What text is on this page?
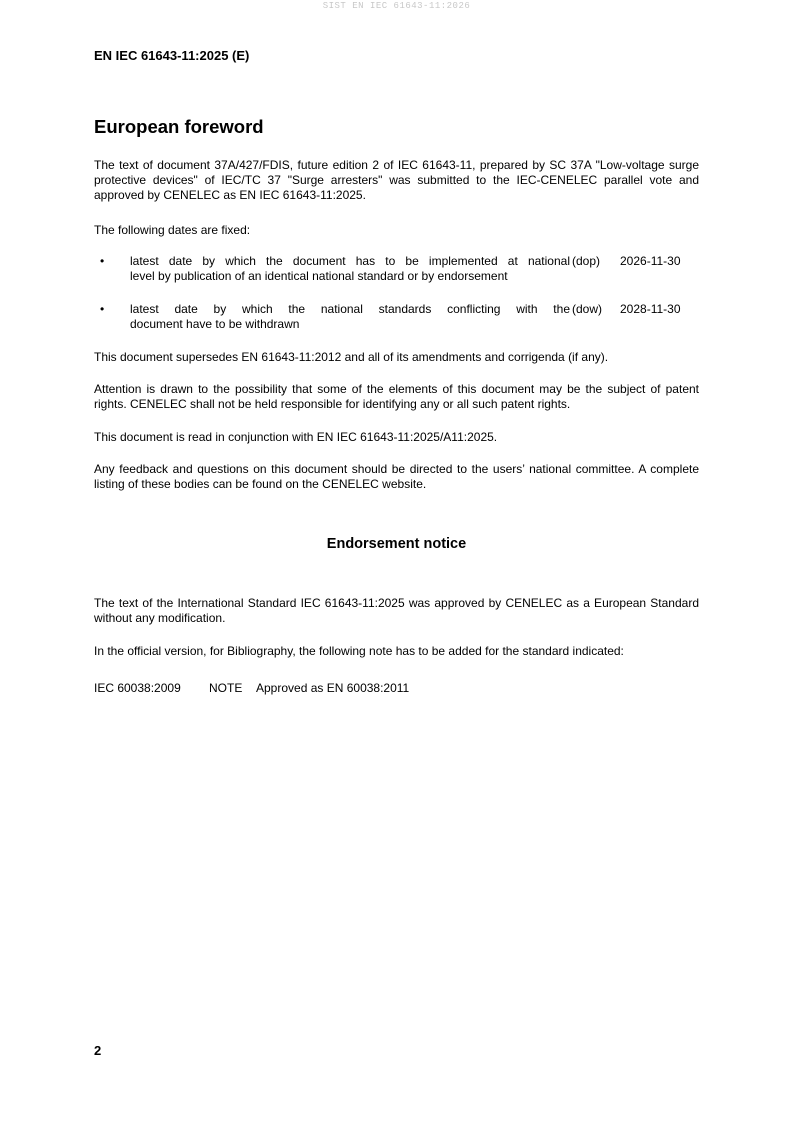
SIST EN IEC 61643-11:2026
EN IEC 61643-11:2025 (E)
European foreword
The text of document 37A/427/FDIS, future edition 2 of IEC 61643-11, prepared by SC 37A "Low-voltage surge protective devices" of IEC/TC 37 "Surge arresters" was submitted to the IEC-CENELEC parallel vote and approved by CENELEC as EN IEC 61643-11:2025.
The following dates are fixed:
• latest date by which the document has to be implemented at national
level by publication of an identical national standard or by endorsement
(dop) 2026-11-30
• latest date by which the national standards conflicting with the
document have to be withdrawn
(dow) 2028-11-30
This document supersedes EN 61643-11:2012 and all of its amendments and corrigenda (if any).
Attention is drawn to the possibility that some of the elements of this document may be the subject of patent rights. CENELEC shall not be held responsible for identifying any or all such patent rights.
This document is read in conjunction with EN IEC 61643-11:2025/A11:2025.
Any feedback and questions on this document should be directed to the users’ national committee. A complete listing of these bodies can be found on the CENELEC website.
Endorsement notice
The text of the International Standard IEC 61643-11:2025 was approved by CENELEC as a European Standard without any modification.
In the official version, for Bibliography, the following note has to be added for the standard indicated:
IEC 60038:2009 NOTE Approved as EN 60038:2011
2
